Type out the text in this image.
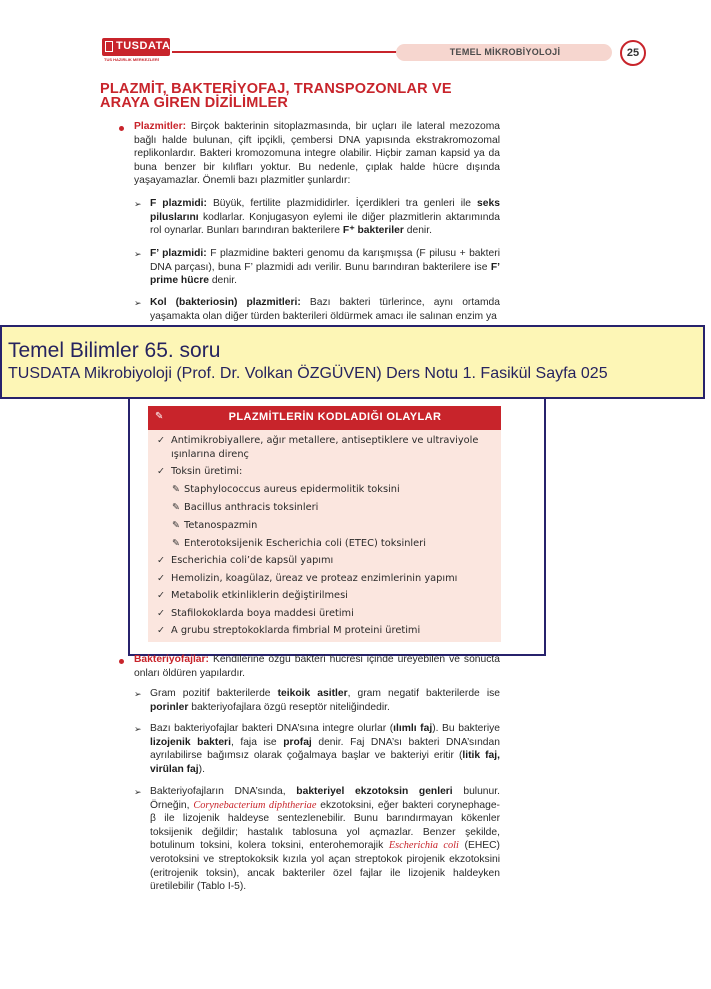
TUSDATA
TUS HAZIRLIK MERKEZLERİ
TEMEL MİKROBİYOLOJİ	25
PLAZMİT, BAKTERİYOFAJ, TRANSPOZONLAR VE
ARAYA GİREN DİZİLİMLER
Plazmitler: Birçok bakterinin sitoplazmasında, bir uçları ile lateral mezozoma bağlı halde bulunan, çift ipçikli, çembersi DNA yapısında ekstrakromozomal replikonlardır. Bakteri kromozomuna integre olabilir. Hiçbir zaman kapsid ya da buna benzer bir kılıfları yoktur. Bu nedenle, çıplak halde hücre dışında yaşayamazlar. Önemli bazı plazmitler şunlardır:
➢ F plazmidi: Büyük, fertilite plazmididirler. İçerdikleri tra genleri ile seks piluslarını kodlarlar. Konjugasyon eylemi ile diğer plazmitlerin aktarımında rol oynarlar. Bunları barındıran bakterilere F⁺ bakteriler denir.
➢ F’ plazmidi: F plazmidine bakteri genomu da karışmışsa (F pilusu + bakteri DNA parçası), buna F’ plazmidi adı verilir. Bunu barındıran bakterilere ise F’ prime hücre denir.
➢ Kol (bakteriosin) plazmitleri: Bazı bakteri türlerince, aynı ortamda yaşamakta olan diğer türden bakterileri öldürmek amacı ile salınan enzim ya
✎	PLAZMİTLERİN KODLADIĞI OLAYLAR
✓ Antimikrobiyallere, ağır metallere, antiseptiklere ve ultraviyole
ışınlarına direnç
✓ Toksin üretimi:
✎ Staphylococcus aureus epidermolitik toksini
✎ Bacillus anthracis toksinleri
✎ Tetanospazmin
✎ Enterotoksijenik Escherichia coli (ETEC) toksinleri
✓ Escherichia coli’de kapsül yapımı
✓ Hemolizin, koagülaz, üreaz ve proteaz enzimlerinin yapımı
✓ Metabolik etkinliklerin değiştirilmesi
✓ Stafilokoklarda boya maddesi üretimi
✓ A grubu streptokoklarda fimbrial M proteini üretimi
Bakteriyofajlar: Kendilerine özgü bakteri hücresi içinde üreyebilen ve sonucta onları öldüren yapılardır.
➢ Gram pozitif bakterilerde teikoik asitler, gram negatif bakterilerde ise porinler bakteriyofajlara özgü reseptör niteliğindedir.
➢ Bazı bakteriyofajlar bakteri DNA’sına integre olurlar (ılımlı faj). Bu bakteriye lizojenik bakteri, faja ise profaj denir. Faj DNA’sı bakteri DNA’sından ayrılabilirse bağımsız olarak çoğalmaya başlar ve bakteriyi eritir (litik faj, virülan faj).
➢ Bakteriyofajların DNA’sında, bakteriyel ekzotoksin genleri bulunur. Örneğin, Corynebacterium diphtheriae ekzotoksini, eğer bakteri corynephage-β ile lizojenik haldeyse sentezlenebilir. Bunu barındırmayan kökenler toksijenik değildir; hastalık tablosuna yol açmazlar. Benzer şekilde, botulinum toksini, kolera toksini, enterohemorajik Escherichia coli (EHEC) verotoksini ve streptokoksik kızıla yol açan streptokok pirojenik ekzotoksini (eritrojenik toksin), ancak bakteriler özel fajlar ile lizojenik haldeyken üretilebilir (Tablo I-5).
Temel Bilimler 65. soru
TUSDATA Mikrobiyoloji (Prof. Dr. Volkan ÖZGÜVEN) Ders Notu 1. Fasikül Sayfa 025
